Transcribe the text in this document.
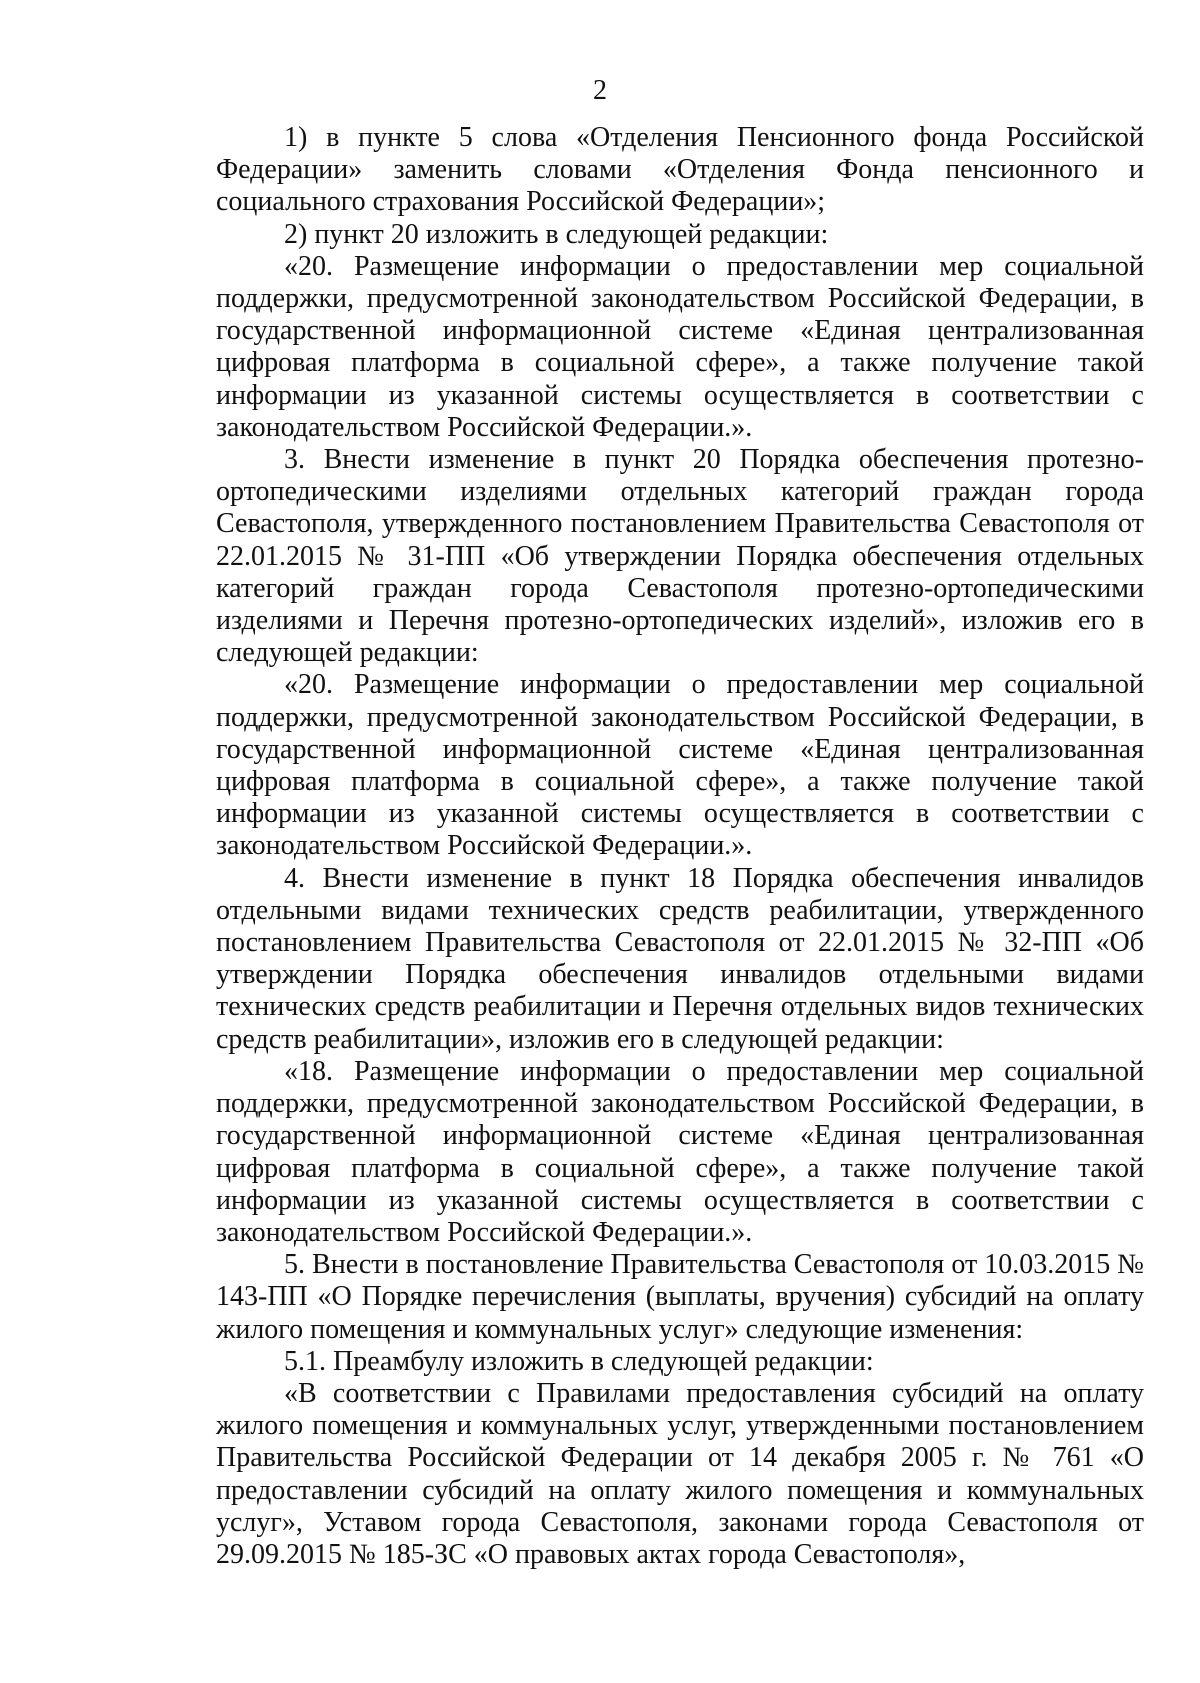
2

1) в пункте 5 слова «Отделения Пенсионного фонда Российской Федерации» заменить словами «Отделения Фонда пенсионного и социального страхования Российской Федерации»;

2) пункт 20 изложить в следующей редакции:

«20. Размещение информации о предоставлении мер социальной поддержки, предусмотренной законодательством Российской Федерации, в государственной информационной системе «Единая централизованная цифровая платформа в социальной сфере», а также получение такой информации из указанной системы осуществляется в соответствии с законодательством Российской Федерации.».

3. Внести изменение в пункт 20 Порядка обеспечения протезно-ортопедическими изделиями отдельных категорий граждан города Севастополя, утвержденного постановлением Правительства Севастополя от 22.01.2015 № 31-ПП «Об утверждении Порядка обеспечения отдельных категорий граждан города Севастополя протезно-ортопедическими изделиями и Перечня протезно-ортопедических изделий», изложив его в следующей редакции:

«20. Размещение информации о предоставлении мер социальной поддержки, предусмотренной законодательством Российской Федерации, в государственной информационной системе «Единая централизованная цифровая платформа в социальной сфере», а также получение такой информации из указанной системы осуществляется в соответствии с законодательством Российской Федерации.».

4. Внести изменение в пункт 18 Порядка обеспечения инвалидов отдельными видами технических средств реабилитации, утвержденного постановлением Правительства Севастополя от 22.01.2015 № 32-ПП «Об утверждении Порядка обеспечения инвалидов отдельными видами технических средств реабилитации и Перечня отдельных видов технических средств реабилитации», изложив его в следующей редакции:

«18. Размещение информации о предоставлении мер социальной поддержки, предусмотренной законодательством Российской Федерации, в государственной информационной системе «Единая централизованная цифровая платформа в социальной сфере», а также получение такой информации из указанной системы осуществляется в соответствии с законодательством Российской Федерации.».

5. Внести в постановление Правительства Севастополя от 10.03.2015 № 143-ПП «О Порядке перечисления (выплаты, вручения) субсидий на оплату жилого помещения и коммунальных услуг» следующие изменения:

5.1. Преамбулу изложить в следующей редакции:

«В соответствии с Правилами предоставления субсидий на оплату жилого помещения и коммунальных услуг, утвержденными постановлением Правительства Российской Федерации от 14 декабря 2005 г. № 761 «О предоставлении субсидий на оплату жилого помещения и коммунальных услуг», Уставом города Севастополя, законами города Севастополя от 29.09.2015 № 185-ЗС «О правовых актах города Севастополя»,
